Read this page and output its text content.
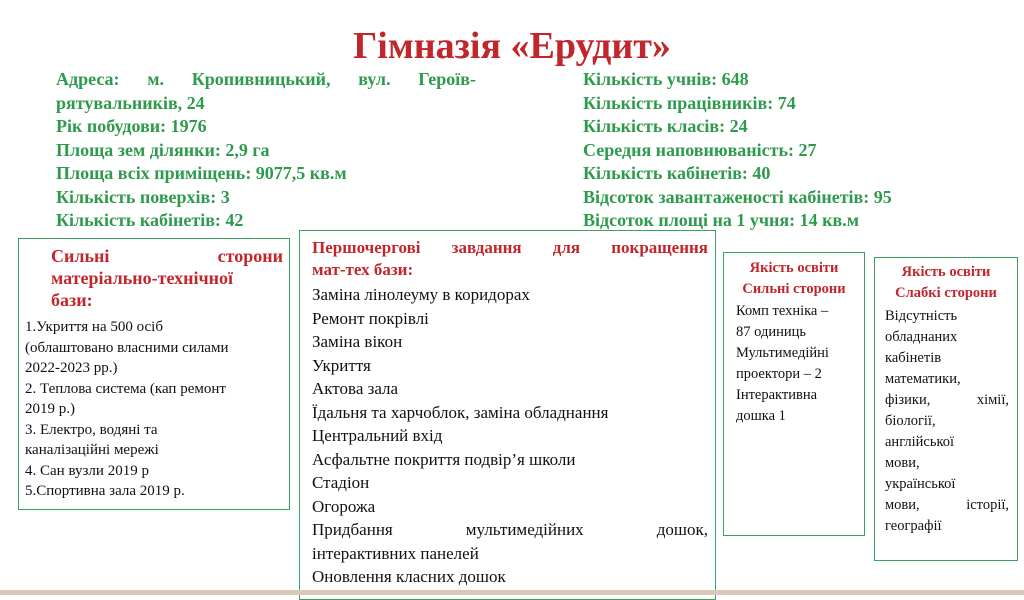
Гімназія «Ерудит»
Адреса: м. Кропивницький, вул. Героїв-
рятувальників, 24
Рік побудови: 1976
Площа зем ділянки: 2,9 га
Площа всіх приміщень: 9077,5 кв.м
Кількість поверхів: 3
Кількість кабінетів: 42
Кількість учнів: 648
Кількість працівників: 74
Кількість класів: 24
Середня наповнюваність: 27
Кількість кабінетів: 40
Відсоток завантаженості кабінетів: 95
Відсоток площі на 1 учня: 14 кв.м
Сильні сторони
матеріально-технічної
бази:
1.Укриття на 500 осіб
(облаштовано власними силами
2022-2023 рр.)
2. Теплова система (кап ремонт
2019 р.)
3. Електро, водяні та
каналізаційні мережі
4. Сан вузли 2019 р
5.Спортивна зала 2019 р.
Першочергові завдання для покращення
мат-тех бази:
Заміна лінолеуму в коридорах
Ремонт покрівлі
Заміна вікон
Укриття
Актова зала
Їдальня та харчоблок, заміна обладнання
Центральний вхід
Асфальтне покриття подвір’я школи
Стадіон
Огорожа
Придбання мультимедійних дошок,
інтерактивних панелей
Оновлення класних дошок
Якість освіти
Сильні сторони
Комп техніка –
87 одиниць
Мультимедійні
проектори – 2
Інтерактивна
дошка 1
Якість освіти
Слабкі сторони
Відсутність
обладнаних
кабінетів
математики,
фізики, хімії,
біології,
англійської
мови,
української
мови, історії,
географії
